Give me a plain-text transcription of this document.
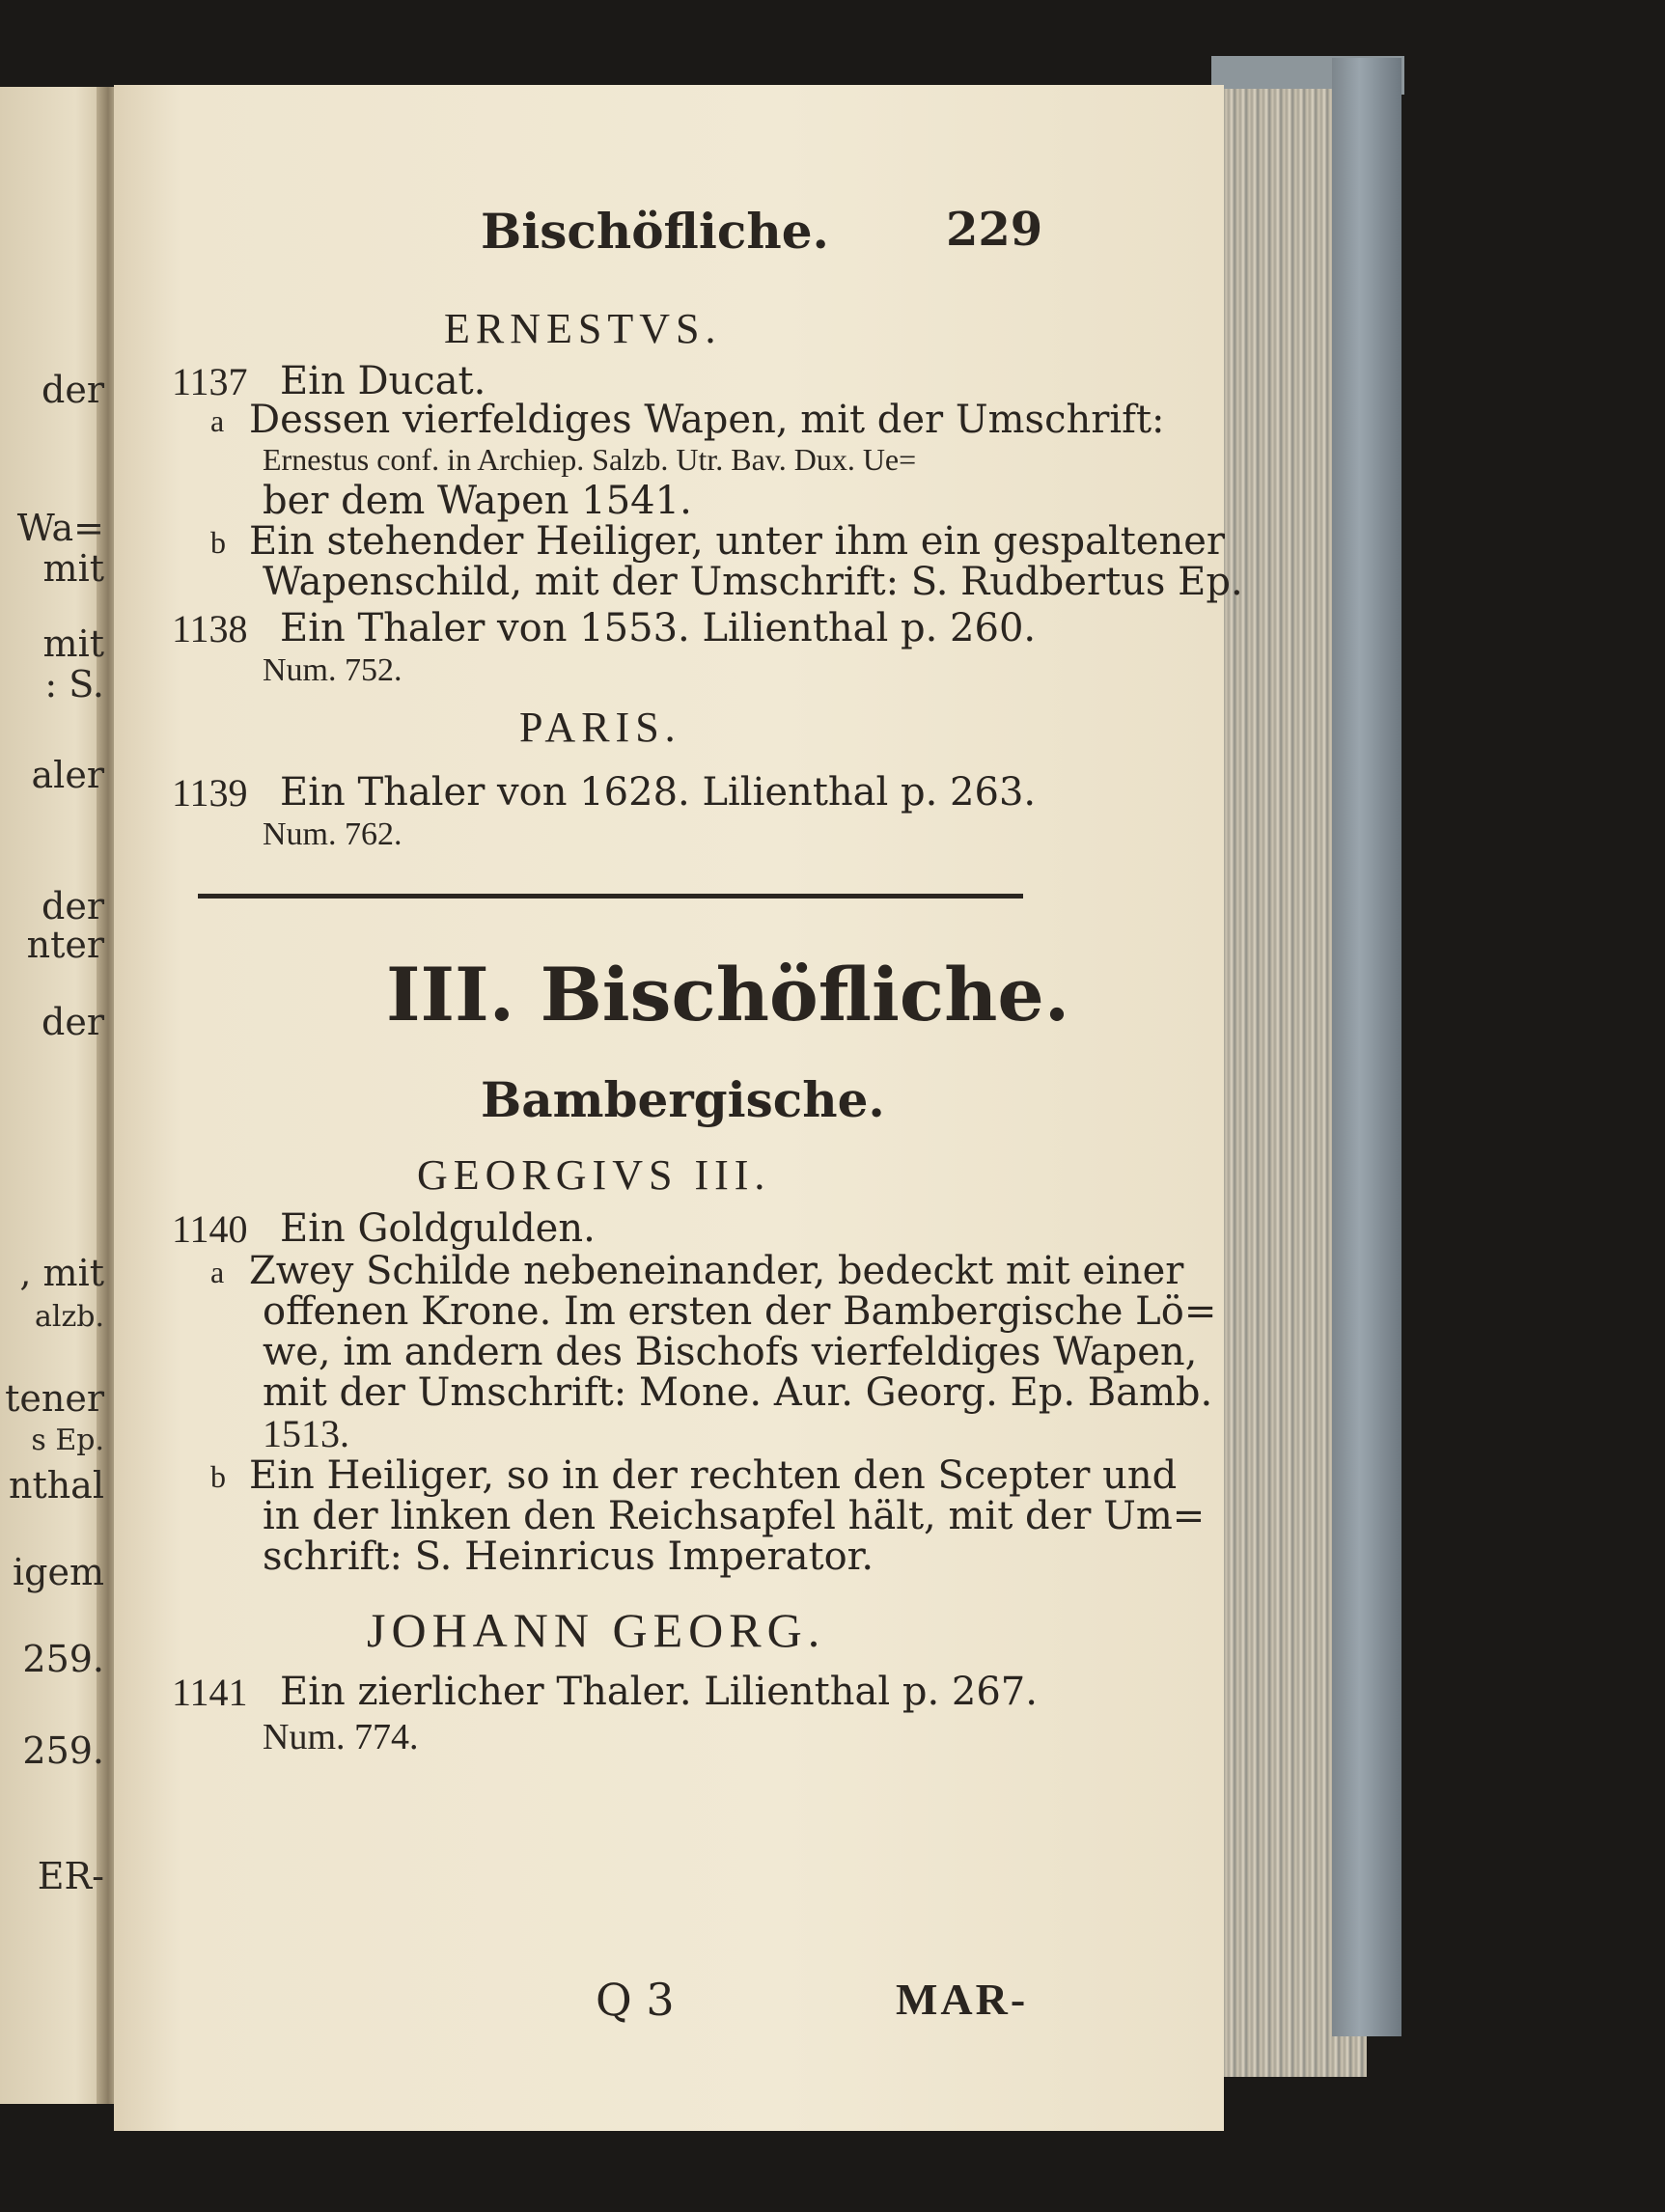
der
Wa=
mit
mit
: S.
aler
der
nter
der
, mit
alzb.
tener
s Ep.
nthal
igem
259.
259.
ER-
Bischöfliche.	229
ERNESTVS.
1137 Ein Ducat.
a Dessen vierfeldiges Wapen, mit der Umschrift:
Ernestus conf. in Archiep. Salzb. Utr. Bav. Dux. Ue=
ber dem Wapen 1541.
b Ein stehender Heiliger, unter ihm ein gespaltener
Wapenschild, mit der Umschrift: S. Rudbertus Ep.
1138 Ein Thaler von 1553. Lilienthal p. 260.
Num. 752.
PARIS.
1139 Ein Thaler von 1628. Lilienthal p. 263.
Num. 762.
III. Bischöfliche.
Bambergische.
GEORGIVS III.
1140 Ein Goldgulden.
a Zwey Schilde nebeneinander, bedeckt mit einer
offenen Krone. Im ersten der Bambergische Lö=
we, im andern des Bischofs vierfeldiges Wapen,
mit der Umschrift: Mone. Aur. Georg. Ep. Bamb.
1513.
b Ein Heiliger, so in der rechten den Scepter und
in der linken den Reichsapfel hält, mit der Um=
schrift: S. Heinricus Imperator.
JOHANN GEORG.
1141 Ein zierlicher Thaler. Lilienthal p. 267.
Num. 774.
Q 3	MAR-
